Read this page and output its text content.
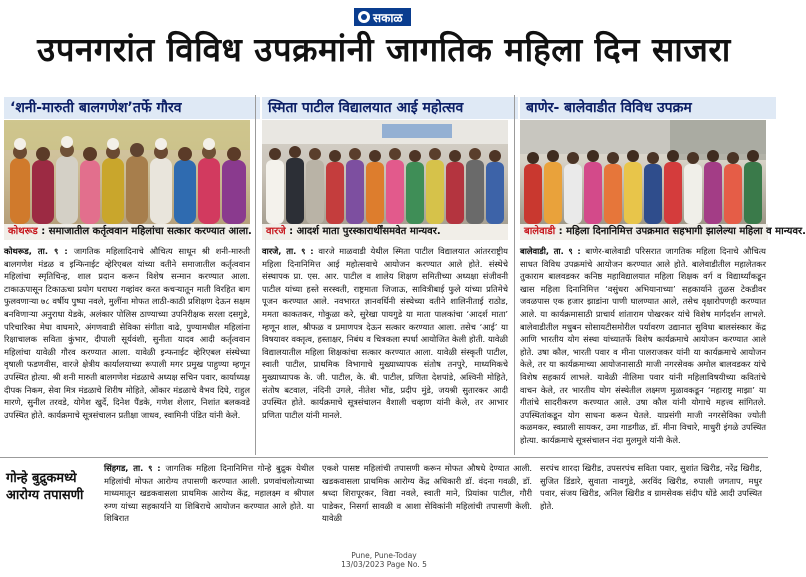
सकाळ
उपनगरांत विविध उपक्रमांनी जागतिक महिला दिन साजरा
‘शनी-मारुती बालगणेश’तर्फे गौरव
कोथरूड : समाजातील कर्तृत्ववान महिलांचा सत्कार करण्यात आला.
कोथरूड, ता. ९ : जागतिक महिलादिनाचे औचित्य साधून श्री शनी-मारुती बालगणेश मंडळ व इन्फिनाईट व्हेरिएबल यांच्या वतीने समाजातील कर्तृत्ववान महिलांचा स्मृतिचिन्ह, शाल प्रदान करून विशेष सन्मान करण्यात आला. टाकाऊपासून टिकाऊचा प्रयोग घराघरा गव्हांवर करत कचऱ्यातून माती विरहित बाग फुलवणाऱ्या ७८ वर्षीय पुष्पा नवले, मुलींना मोफत लाठी-काठी प्रशिक्षण देऊन सक्षम बनविणाऱ्या अनुराधा येडके, अलंकार पोलिस ठाण्याच्या उपनिरीक्षक सरला दसगुडे, परिचारिका मेघा वाघमारे, अंगणवाडी सेविका संगीता वाढे, पुण्यामधील महिलांना रिक्षाचालक सविता कुंभार, दीपाली सूर्यवंशी, सुनीता यादव आदी कर्तृत्ववान महिलांचा यावेळी गौरव करण्यात आला. यावेळी इन्फनाईट व्हेरिएबल संस्थेच्या वृषाली फडणवीस, वारजे क्षेत्रीय कार्यालयाच्या रूपाली मगर प्रमुख पाहुण्या म्हणून उपस्थित होत्या. श्री शनी मारुती बालगणेश मंडळाचे अध्यक्ष सचिन पवार, कार्याध्यक्ष दीपक निकम, सेवा मित्र मंडळाचे शिरीष मोहिते, ओंकार मंडळाचे वैभव दिघे, राहुल मारणे, सुनील तरवडे, योगेश खुर्दे, दिनेश पैंडके, गणेश शेलार, निशांत बलकवडे उपस्थित होते. कार्यक्रमाचे सूत्रसंचालन प्रतीक्षा जाधव, स्वामिनी पंडित यांनी केले.
स्मिता पाटील विद्यालयात आई महोत्सव
वारजे : आदर्श माता पुरस्कारार्थींसमवेत मान्यवर.
वारजे, ता. ९ : वारजे माळवाडी येथील स्मिता पाटील विद्यालयात आंतरराष्ट्रीय महिला दिनानिमित्त आई महोत्सवाचे आयोजन करण्यात आले होते. संस्थेचे संस्थापक प्रा. एस. आर. पाटील व शालेय शिक्षण समितीच्या अध्यक्षा संजीवनी पाटील यांच्या हस्ते सरस्वती, राष्ट्रमाता जिजाऊ, सावित्रीबाई फुले यांच्या प्रतिमेचे पूजन करण्यात आले. नवभारत ज्ञानवर्धिनी संस्थेच्या वतीने शालिनीताई राठोड, ममता काकतकर, गोकुळा करे, सुरेखा पायगुडे या माता पालकांचा ‘आदर्श माता’ म्हणून शाल, श्रीफळ व प्रमाणपत्र देऊन सत्कार करण्यात आला. तसेच ‘आई’ या विषयावर वक्तृत्व, हस्ताक्षर, निबंध व चित्रकला स्पर्धा आयोजित केली होती. यावेळी विद्यालयातील महिला शिक्षकांचा सत्कार करण्यात आला. यावेळी संस्कृती पाटील, स्वाती पाटील, प्राथमिक विभागाचे मुख्याध्यापक संतोष तनपुरे, माध्यमिकचे मुख्याध्यापक के. जी. पाटील, के. बी. पाटील, प्रणिता देशपांडे, अश्विनी मोहिते, संतोष बटवाल, नंदिनी उगले, नीतेश भोंड, प्रदीप मुंडे, जयश्री सुतारकर आदी उपस्थित होते. कार्यक्रमाचे सूत्रसंचालन वैशाली चव्हाण यांनी केले, तर आभार प्रणिता पाटील यांनी मानले.
बाणेर- बालेवाडीत विविध उपक्रम
बालेवाडी : महिला दिनानिमित्त उपक्रमात सहभागी झालेल्या महिला व मान्यवर.
बालेवाडी, ता. ९ : बाणेर-बालेवाडी परिसरात जागतिक महिला दिनाचे औचित्य साधत विविध उपक्रमांचे आयोजन करण्यात आले होते. बालेवाडीतील महालेतकर तुकाराम बालवडकर कनिष्ठ महाविद्यालयात महिला शिक्षक वर्ग व विद्यार्थ्यांकडून खास महिला दिनानिमित्त ‘वसुंधरा अभियानाच्या’ सहकार्याने तुळस टेकडीवर जवळपास एक हजार झाडांना पाणी घालण्यात आले, तसेच वृक्षारोपणही करण्यात आले. या कार्यक्रमासाठी प्राचार्य शांताराम पोखरकर यांचे विशेष मार्गदर्शन लाभले. बालेवाडीतील मधुबन सोसायटीसमोरील पर्यावरण उद्यानात सुविधा बालसंस्कार केंद्र आणि भारतीय योग संस्था यांच्यातर्फे विशेष कार्यक्रमाचे आयोजन करण्यात आले होते. उषा कौल, भारती पवार व मीना पालराजकर यांनी या कार्यक्रमाचे आयोजन केले, तर या कार्यक्रमाच्या आयोजनासाठी माजी नगरसेवक अमोल बालवडकर यांचे विशेष सहकार्य लाभले. यावेळी नीलिमा पवार यांनी महिलाविषयीच्या कवितांचे वाचन केले, तर भारतीय योग संस्थेतील लक्ष्मण मुळावकडून ‘महाराष्ट्र माझा’ या गीतांचे सादरीकरण करण्यात आले. उषा कौल यांनी योगाचे महत्त्व सांगितले. उपस्थितांकडून योग साधना करून घेतले. याप्रसंगी माजी नगरसेविका ज्योती कळमकर, स्वप्नाली सायकर, उमा गाडगीळ, डॉ. मीना विचारे, माधुरी इंगळे उपस्थित होत्या. कार्यक्रमाचे सूत्रसंचालन नंदा मुलमुले यांनी केले.
गोन्हे बुद्रुकमध्ये आरोग्य तपासणी
सिंहगड, ता. ९ : जागतिक महिला दिनानिमित्त गोन्हे बुद्रुक येथील महिलांची मोफत आरोग्य तपासणी करण्यात आली. प्रणवांचलोत्याच्या माध्यमातून खडकवासला प्राथमिक आरोग्य केंद्र, महालक्ष्म व श्रीपाल रुग्ण यांच्या सहकार्याने या शिबिराचे आयोजन करण्यात आले होते. या शिबिरात
एकशे पासष्ट महिलांची तपासणी करून मोफत औषधे देण्यात आली. खडकवासला प्राथमिक आरोग्य केंद्र अधिकारी डॉ. वंदना गवळी, डॉ. श्रध्दा शिरापूरकर, विद्या नवले, स्वाती माने, प्रियांका पाटील, गौरी पाडेकर, निसर्गा सावळी व आशा सेविकांनी महिलांची तपासणी केली. यावेळी
सरपंच शारदा खिरीड, उपसरपंच सविता पवार, सुशांत खिरीड, नरेंद्र खिरीड, सुजित डिंडारे, सुवाता नावगुडे, अरविंद खिरीड, रुपाली जगताप, मधुर पवार, संजय खिरीड, अनिल खिरीड व ग्रामसेवक संदीप धोंडे आदी उपस्थित होते.
Pune, Pune-Today
13/03/2023 Page No. 5
